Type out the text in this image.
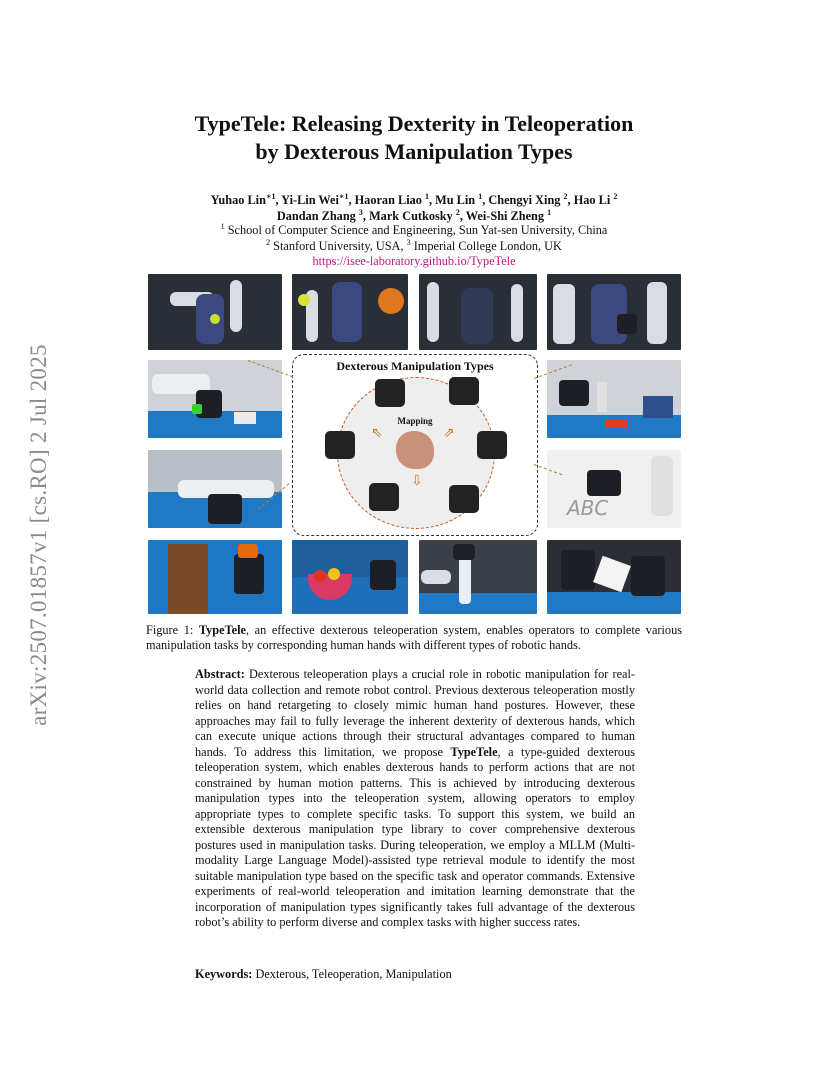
arXiv:2507.01857v1 [cs.RO] 2 Jul 2025
TypeTele: Releasing Dexterity in Teleoperation
by Dexterous Manipulation Types
Yuhao Lin$^{∗1}$, Yi-Lin Wei$^{∗1}$, Haoran Liao $^1$, Mu Lin $^1$, Chengyi Xing $^2$, Hao Li $^2$
Dandan Zhang $^3$, Mark Cutkosky $^2$, Wei-Shi Zheng $^1$
$^1$ School of Computer Science and Engineering, Sun Yat-sen University, China
$^2$ Stanford University, USA, $^3$ Imperial College London, UK
https://isee-laboratory.github.io/TypeTele
ABC
Dexterous Manipulation Types
Mapping
⇩
⇖	⇗
Figure 1: TypeTele, an effective dexterous teleoperation system, enables operators to complete various manipulation tasks by corresponding human hands with different types of robotic hands.
Abstract: Dexterous teleoperation plays a crucial role in robotic manipulation for real-world data collection and remote robot control. Previous dexterous teleoperation mostly relies on hand retargeting to closely mimic human hand postures. However, these approaches may fail to fully leverage the inherent dexterity of dexterous hands, which can execute unique actions through their structural advantages compared to human hands. To address this limitation, we propose TypeTele, a type-guided dexterous teleoperation system, which enables dexterous hands to perform actions that are not constrained by human motion patterns. This is achieved by introducing dexterous manipulation types into the teleoperation system, allowing operators to employ appropriate types to complete specific tasks. To support this system, we build an extensible dexterous manipulation type library to cover comprehensive dexterous postures used in manipulation tasks. During teleoperation, we employ a MLLM (Multi-modality Large Language Model)-assisted type retrieval module to identify the most suitable manipulation type based on the specific task and operator commands. Extensive experiments of real-world teleoperation and imitation learning demonstrate that the incorporation of manipulation types significantly takes full advantage of the dexterous robot’s ability to perform diverse and complex tasks with higher success rates.
Keywords: Dexterous, Teleoperation, Manipulation
